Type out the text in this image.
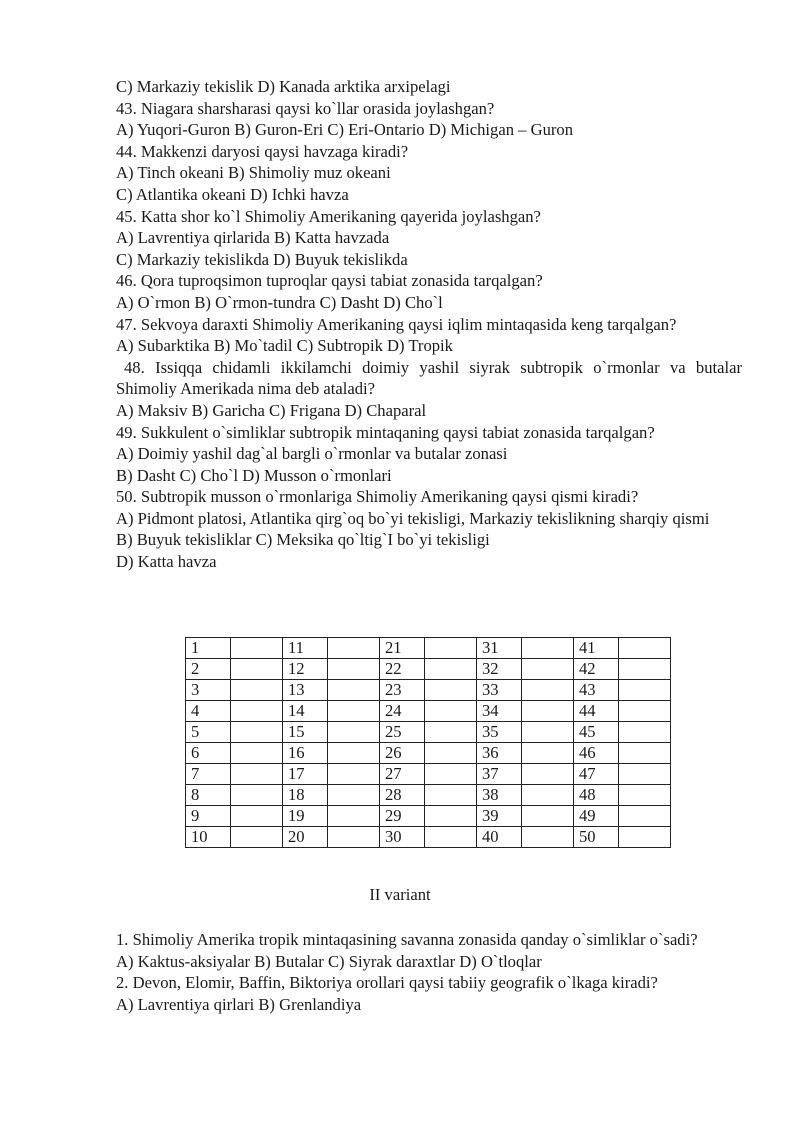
C) Markaziy tekislik D) Kanada arktika arxipelagi
43. Niagara sharsharasi qaysi ko`llar orasida joylashgan?
A) Yuqori-Guron B) Guron-Eri C) Eri-Ontario D) Michigan – Guron
44. Makkenzi daryosi qaysi havzaga kiradi?
A) Tinch okeani B) Shimoliy muz okeani
C) Atlantika okeani D) Ichki havza
45. Katta shor ko`l Shimoliy Amerikaning qayerida joylashgan?
A) Lavrentiya qirlarida B) Katta havzada
C) Markaziy tekislikda D) Buyuk tekislikda
46. Qora tuproqsimon tuproqlar qaysi tabiat zonasida tarqalgan?
A) O`rmon B) O`rmon-tundra C) Dasht D) Cho`l
47. Sekvoya daraxti Shimoliy Amerikaning qaysi iqlim mintaqasida keng tarqalgan?
A) Subarktika B) Mo`tadil C) Subtropik D) Tropik
48. Issiqqa chidamli ikkilamchi doimiy yashil siyrak subtropik o`rmonlar va butalar Shimoliy Amerikada nima deb ataladi?
A) Maksiv B) Garicha C) Frigana D) Chaparal
49. Sukkulent o`simliklar subtropik mintaqaning qaysi tabiat zonasida tarqalgan?
A) Doimiy yashil dag`al bargli o`rmonlar va butalar zonasi
B) Dasht C) Cho`l D) Musson o`rmonlari
50. Subtropik musson o`rmonlariga Shimoliy Amerikaning qaysi qismi kiradi?
A) Pidmont platosi, Atlantika qirg`oq bo`yi tekisligi, Markaziy tekislikning sharqiy qismi
B) Buyuk tekisliklar C) Meksika qo`ltig`I bo`yi tekisligi
D) Katta havza
1		11		21		31		41	
2		12		22		32		42	
3		13		23		33		43	
4		14		24		34		44	
5		15		25		35		45	
6		16		26		36		46	
7		17		27		37		47	
8		18		28		38		48	
9		19		29		39		49	
10		20		30		40		50	
II variant
1. Shimoliy Amerika tropik mintaqasining savanna zonasida qanday o`simliklar o`sadi?
A) Kaktus-aksiyalar B) Butalar C) Siyrak daraxtlar D) O`tloqlar
2. Devon, Elomir, Baffin, Biktoriya orollari qaysi tabiiy geografik o`lkaga kiradi?
A) Lavrentiya qirlari B) Grenlandiya
